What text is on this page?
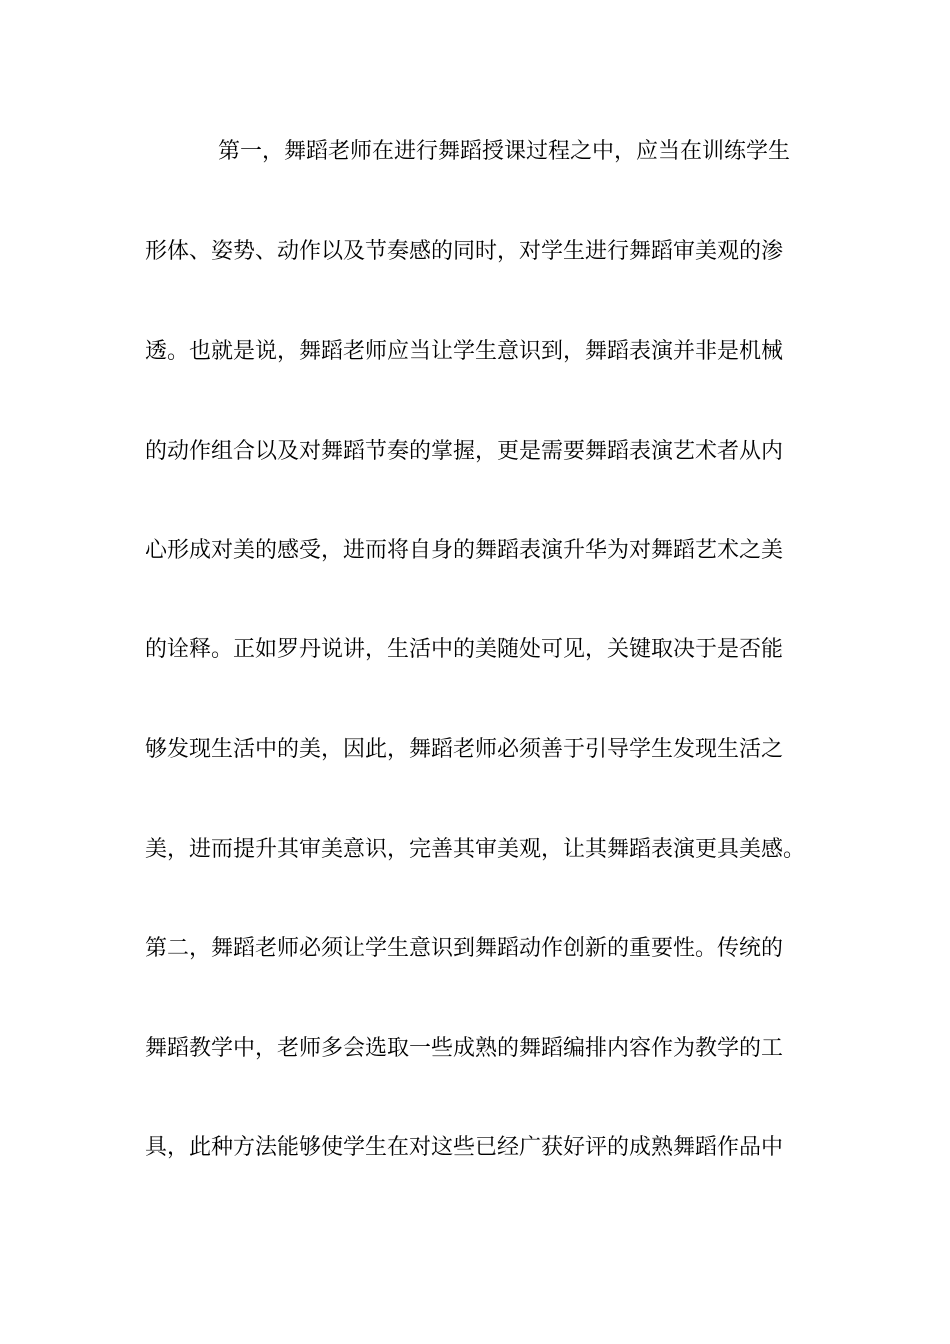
第一，舞蹈老师在进行舞蹈授课过程之中，应当在训练学生
形体、姿势、动作以及节奏感的同时，对学生进行舞蹈审美观的渗
透。也就是说，舞蹈老师应当让学生意识到，舞蹈表演并非是机械
的动作组合以及对舞蹈节奏的掌握，更是需要舞蹈表演艺术者从内
心形成对美的感受，进而将自身的舞蹈表演升华为对舞蹈艺术之美
的诠释。正如罗丹说讲，生活中的美随处可见，关键取决于是否能
够发现生活中的美，因此，舞蹈老师必须善于引导学生发现生活之
美，进而提升其审美意识，完善其审美观，让其舞蹈表演更具美感。
第二，舞蹈老师必须让学生意识到舞蹈动作创新的重要性。传统的
舞蹈教学中，老师多会选取一些成熟的舞蹈编排内容作为教学的工
具，此种方法能够使学生在对这些已经广获好评的成熟舞蹈作品中
